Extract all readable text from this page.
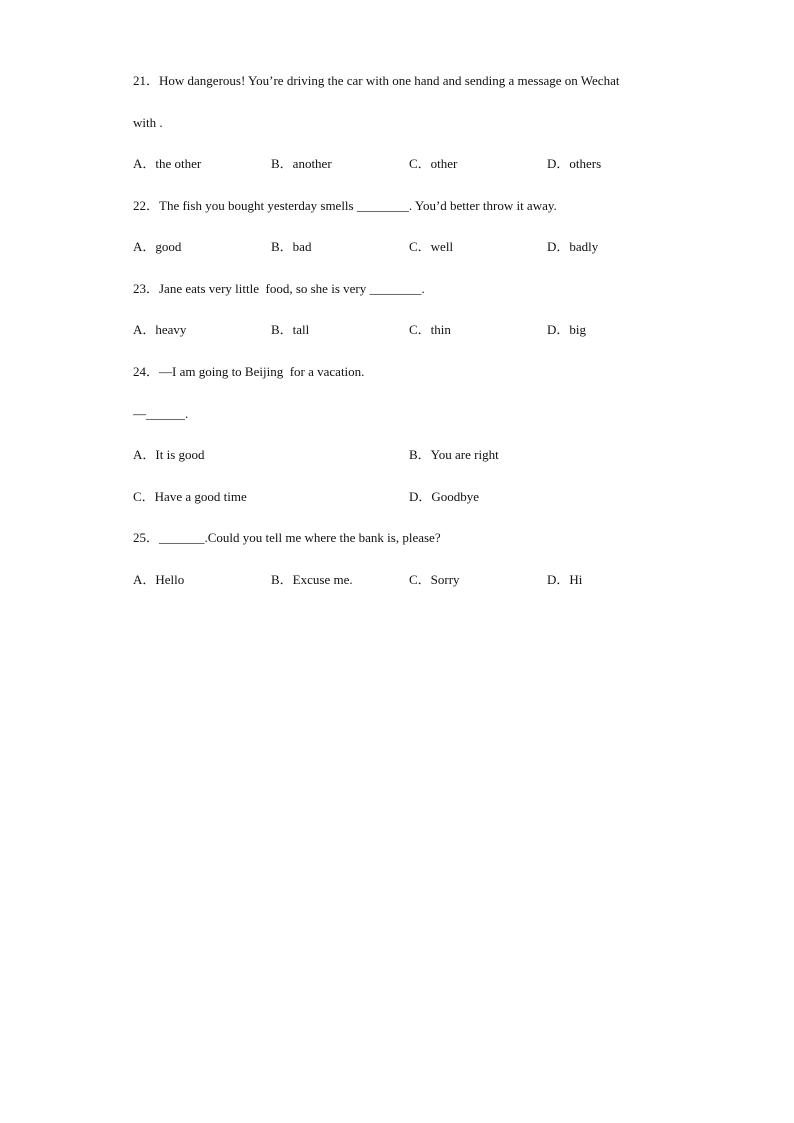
21．How dangerous! You’re driving the car with one hand and sending a message on Wechat
with .
A．the other	B．another	C．other	D．others
22．The fish you bought yesterday smells ________. You’d better throw it away.
A．good	B．bad	C．well	D．badly
23．Jane eats very little  food, so she is very ________.
A．heavy	B．tall	C．thin	D．big
24．—I am going to Beijing  for a vacation.
—______.
A．It is good	B．You are right
C．Have a good time	D．Goodbye
25．_______.Could you tell me where the bank is, please?
A．Hello	B．Excuse me.	C．Sorry	D．Hi
